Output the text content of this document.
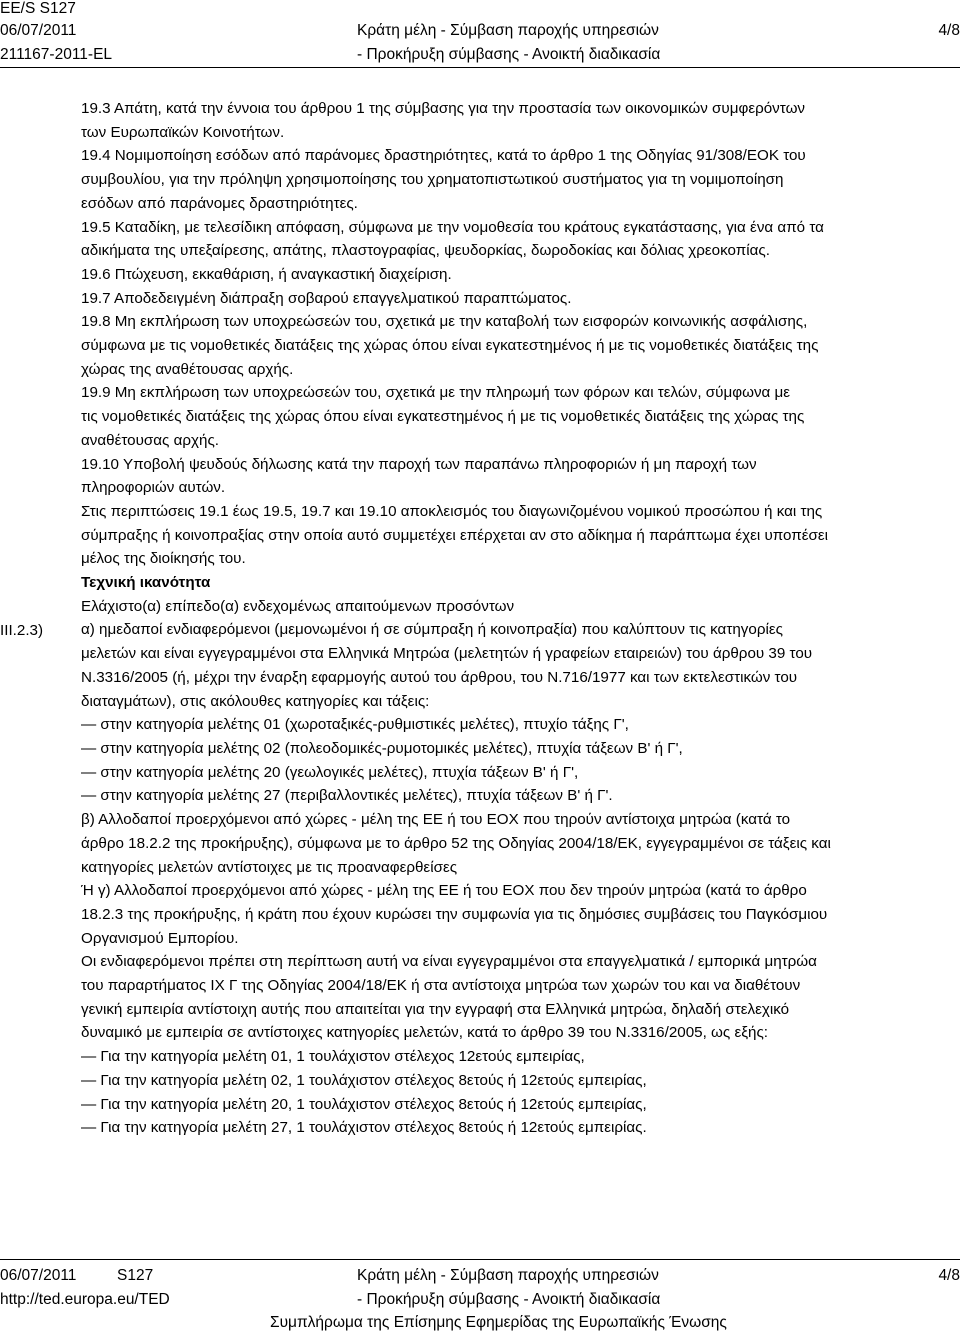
EE/S S127
06/07/2011
211167-2011-EL
Κράτη μέλη - Σύμβαση παροχής υπηρεσιών
- Προκήρυξη σύμβασης - Ανοικτή διαδικασία
4/8
III.2.3)

19.3 Απάτη, κατά την έννοια του άρθρου 1 της σύμβασης για την προστασία των οικονομικών συμφερόντων

των Ευρωπαϊκών Κοινοτήτων.

19.4 Νομιμοποίηση εσόδων από παράνομες δραστηριότητες, κατά το άρθρο 1 της Οδηγίας 91/308/ΕΟΚ του

συμβουλίου, για την πρόληψη χρησιμοποίησης του χρηματοπιστωτικού συστήματος για τη νομιμοποίηση

εσόδων από παράνομες δραστηριότητες.

19.5 Καταδίκη, με τελεσίδικη απόφαση, σύμφωνα με την νομοθεσία του κράτους εγκατάστασης, για ένα από τα

αδικήματα της υπεξαίρεσης, απάτης, πλαστογραφίας, ψευδορκίας, δωροδοκίας και δόλιας χρεοκοπίας.

19.6 Πτώχευση, εκκαθάριση, ή αναγκαστική διαχείριση.

19.7 Αποδεδειγμένη διάπραξη σοβαρού επαγγελματικού παραπτώματος.

19.8 Μη εκπλήρωση των υποχρεώσεών του, σχετικά με την καταβολή των εισφορών κοινωνικής ασφάλισης,

σύμφωνα με τις νομοθετικές διατάξεις της χώρας όπου είναι εγκατεστημένος ή με τις νομοθετικές διατάξεις της

χώρας της αναθέτουσας αρχής.

19.9 Μη εκπλήρωση των υποχρεώσεών του, σχετικά με την πληρωμή των φόρων και τελών, σύμφωνα με

τις νομοθετικές διατάξεις της χώρας όπου είναι εγκατεστημένος ή με τις νομοθετικές διατάξεις της χώρας της

αναθέτουσας αρχής.

19.10 Υποβολή ψευδούς δήλωσης κατά την παροχή των παραπάνω πληροφοριών ή μη παροχή των

πληροφοριών αυτών.

Στις περιπτώσεις 19.1 έως 19.5, 19.7 και 19.10 αποκλεισμός του διαγωνιζομένου νομικού προσώπου ή και της

σύμπραξης ή κοινοπραξίας στην οποία αυτό συμμετέχει επέρχεται αν στο αδίκημα ή παράπτωμα έχει υποπέσει

μέλος της διοίκησής του.

Τεχνική ικανότητα

Ελάχιστο(α) επίπεδο(α) ενδεχομένως απαιτούμενων προσόντων

α) ημεδαποί ενδιαφερόμενοι (μεμονωμένοι ή σε σύμπραξη ή κοινοπραξία) που καλύπτουν τις κατηγορίες

μελετών και είναι εγγεγραμμένοι στα Ελληνικά Μητρώα (μελετητών ή γραφείων εταιρειών) του άρθρου 39 του

Ν.3316/2005 (ή, μέχρι την έναρξη εφαρμογής αυτού του άρθρου, του Ν.716/1977 και των εκτελεστικών του

διαταγμάτων), στις ακόλουθες κατηγορίες και τάξεις:

— στην κατηγορία μελέτης 01 (χωροταξικές-ρυθμιστικές μελέτες), πτυχίο τάξης Γ',

— στην κατηγορία μελέτης 02 (πολεοδομικές-ρυμοτομικές μελέτες), πτυχία τάξεων Β' ή Γ',

— στην κατηγορία μελέτης 20 (γεωλογικές μελέτες), πτυχία τάξεων Β' ή Γ',

— στην κατηγορία μελέτης 27 (περιβαλλοντικές μελέτες), πτυχία τάξεων Β' ή Γ'.

β) Αλλοδαποί προερχόμενοι από χώρες - μέλη της ΕΕ ή του ΕΟΧ που τηρούν αντίστοιχα μητρώα (κατά το

άρθρο 18.2.2 της προκήρυξης), σύμφωνα με το άρθρο 52 της Οδηγίας 2004/18/ΕΚ, εγγεγραμμένοι σε τάξεις και

κατηγορίες μελετών αντίστοιχες με τις προαναφερθείσες

Ή γ) Αλλοδαποί προερχόμενοι από χώρες - μέλη της ΕΕ ή του ΕΟΧ που δεν τηρούν μητρώα (κατά το άρθρο

18.2.3 της προκήρυξης, ή κράτη που έχουν κυρώσει την συμφωνία για τις δημόσιες συμβάσεις του Παγκόσμιου

Οργανισμού Εμπορίου.

Οι ενδιαφερόμενοι πρέπει στη περίπτωση αυτή να είναι εγγεγραμμένοι στα επαγγελματικά / εμπορικά μητρώα

του παραρτήματος IX Γ της Οδηγίας 2004/18/ΕΚ ή στα αντίστοιχα μητρώα των χωρών του και να διαθέτουν

γενική εμπειρία αντίστοιχη αυτής που απαιτείται για την εγγραφή στα Ελληνικά μητρώα, δηλαδή στελεχικό

δυναμικό με εμπειρία σε αντίστοιχες κατηγορίες μελετών, κατά το άρθρο 39 του Ν.3316/2005, ως εξής:

— Για την κατηγορία μελέτη 01, 1 τουλάχιστον στέλεχος 12ετούς εμπειρίας,

— Για την κατηγορία μελέτη 02, 1 τουλάχιστον στέλεχος 8ετούς ή 12ετούς εμπειρίας,

— Για την κατηγορία μελέτη 20, 1 τουλάχιστον στέλεχος 8ετούς ή 12ετούς εμπειρίας,

— Για την κατηγορία μελέτη 27, 1 τουλάχιστον στέλεχος 8ετούς ή 12ετούς εμπειρίας.

06/07/2011	S127
http://ted.europa.eu/TED
Κράτη μέλη - Σύμβαση παροχής υπηρεσιών
- Προκήρυξη σύμβασης - Ανοικτή διαδικασία
Συμπλήρωμα της Επίσημης Εφημερίδας της Ευρωπαϊκής Ένωσης
4/8
